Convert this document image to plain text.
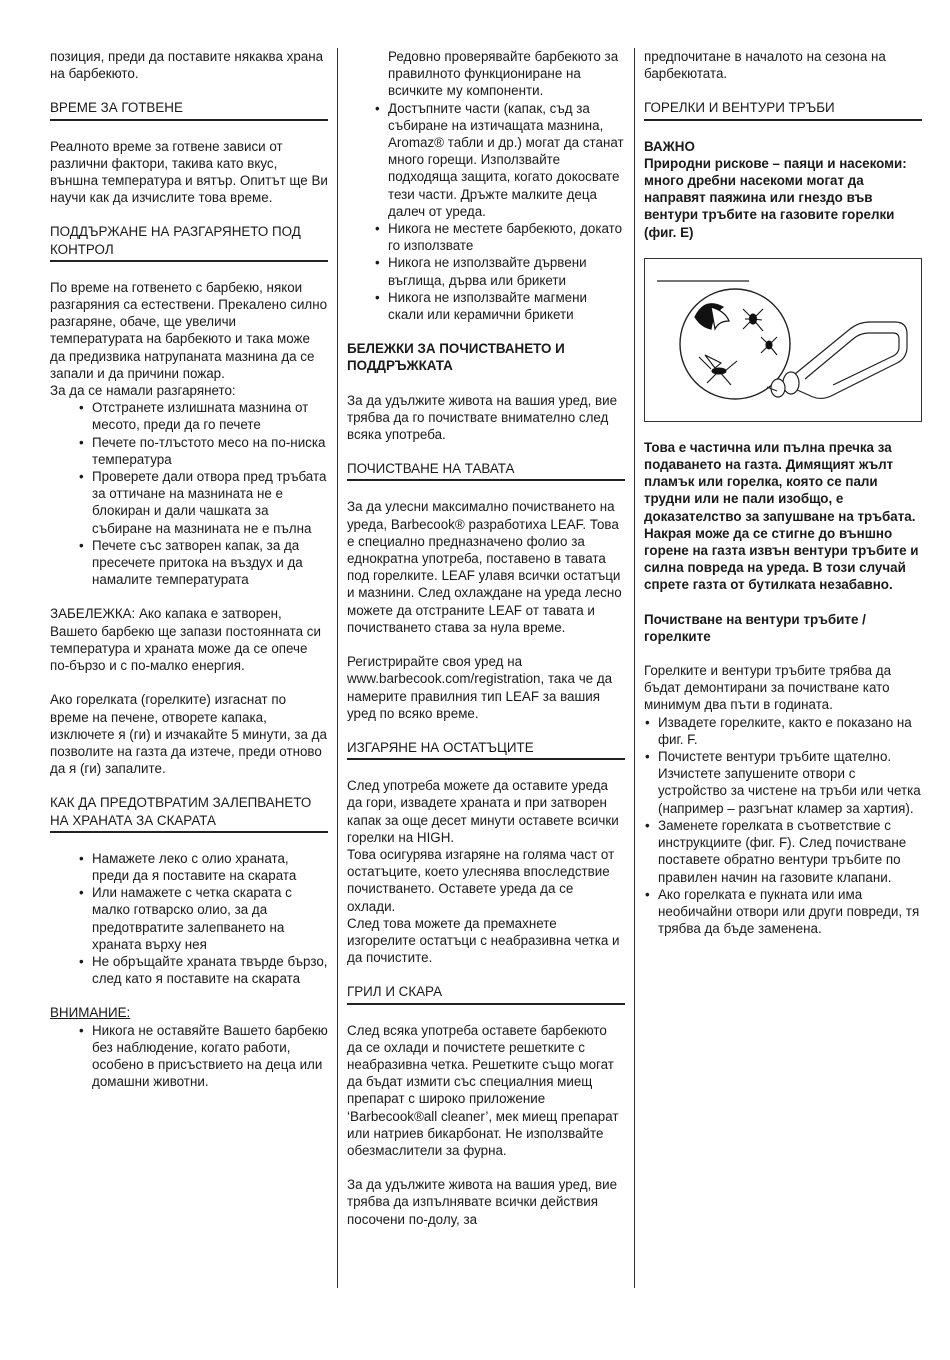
позиция, преди да поставите някаква храна на барбекюто.

ВРЕМЕ ЗА ГОТВЕНЕ

Реалното време за готвене зависи от различни фактори, такива като вкус, външна температура и вятър. Опитът ще Ви научи как да изчислите това време.

ПОДДЪРЖАНЕ НА РАЗГАРЯНЕТО ПОД КОНТРОЛ

По време на готвенето с барбекю, някои разгаряния са естествени. Прекалено силно разгаряне, обаче, ще увеличи температурата на барбекюто и така може да предизвика натрупаната мазнина да се запали и да причини пожар.

За да се намали разгарянето:

• Отстранете излишната мазнина от месото, преди да го печете
• Печете по-тлъстото месо на по-ниска температура
• Проверете дали отвора пред тръбата за оттичане на мазнината не е блокиран и дали чашката за събиране на мазнината не е пълна
• Печете със затворен капак, за да пресечете притока на въздух и да намалите температурата

ЗАБЕЛЕЖКА: Ако капака е затворен, Вашето барбекю ще запази постоянната си температура и храната може да се опече по-бързо и с по-малко енергия.

Ако горелката (горелките) изгаснат по време на печене, отворете капака, изключете я (ги) и изчакайте 5 минути, за да позволите на газта да изтече, преди отново да я (ги) запалите.

КАК ДА ПРЕДОТВРАТИМ ЗАЛЕПВАНЕТО НА ХРАНАТА ЗА СКАРАТА
• Намажете леко с олио храната, преди да я поставите на скарата
• Или намажете с четка скарата с малко готварско олио, за да предотвратите залепването на храната върху нея
• Не обръщайте храната твърде бързо, след като я поставите на скарата
ВНИМАНИЕ:
• Никога не оставяйте Вашето барбекю без наблюдение, когато работи, особено в присъствието на деца или домашни животни.

Редовно проверявайте барбекюто за правилното функциониране на всичките му компоненти.

• Достъпните части (капак, съд за събиране на изтичащата мазнина, Aromaz® табли и др.) могат да станат много горещи. Използвайте подходяща защита, когато докосвате тези части. Дръжте малките деца далеч от уреда.
• Никога не местете барбекюто, докато го използвате
• Никога не използвайте дървени въглища, дърва или брикети
• Никога не използвайте магмени скали или керамични брикети
БЕЛЕЖКИ ЗА ПОЧИСТВАНЕТО И ПОДДРЪЖКАТА

За да удължите живота на вашия уред, вие трябва да го почиствате внимателно след всяка употреба.

ПОЧИСТВАНЕ НА ТАВАТА

За да улесни максимално почистването на уреда, Barbecook® разработиха LEAF. Това е специално предназначено фолио за еднократна употреба, поставено в тавата под горелките. LEAF улавя всички остатъци и мазнини. След охлаждане на уреда лесно можете да отстраните LEAF от тавата и почистването става за нула време.

Регистрирайте своя уред на www.barbecook.com/registration, така че да намерите правилния тип LEAF за вашия уред по всяко време.

ИЗГАРЯНЕ НА ОСТАТЪЦИТЕ

След употреба можете да оставите уреда да гори, извадете храната и при затворен капак за още десет минути оставете всички горелки на HIGH.

Това осигурява изгаряне на голяма част от остатъците, което улеснява впоследствие почистването. Оставете уреда да се охлади.

След това можете да премахнете изгорелите остатъци с неабразивна четка и да почистите.

ГРИЛ И СКАРА

След всяка употреба оставете барбекюто да се охлади и почистете решетките с неабразивна четка. Решетките също могат да бъдат измити със специалния миещ препарат с широко приложение ‘Barbecook®all cleaner’, мек миещ препарат или натриев бикарбонат. Не използвайте обезмаслители за фурна.

За да удължите живота на вашия уред, вие трябва да изпълнявате всички действия посочени по-долу, за

предпочитане в началото на сезона на барбекютата.

ГОРЕЛКИ И ВЕНТУРИ ТРЪБИ
ВАЖНО

Природни рискове – паяци и насекоми: много дребни насекоми могат да направят паяжина или гнездо във вентури тръбите на газовите горелки (фиг. E)

Това е частична или пълна пречка за подаването на газта. Димящият жълт пламък или горелка, която се пали трудни или не пали изобщо, е доказателство за запушване на тръбата. Накрая може да се стигне до външно горене на газта извън вентури тръбите и силна повреда на уреда. В този случай спрете газта от бутилката незабавно.

Почистване на вентури тръбите / горелките

Горелките и вентури тръбите трябва да бъдат демонтирани за почистване като минимум два пъти в годината.

• Извадете горелките, както е показано на фиг. F.
• Почистете вентури тръбите щателно. Изчистете запушените отвори с устройство за чистене на тръби или четка (например – разгънат кламер за хартия).
• Заменете горелката в съответствие с инструкциите (фиг. F). След почистване поставете обратно вентури тръбите по правилен начин на газовите клапани.
• Ако горелката е пукната или има необичайни отвори или други повреди, тя трябва да бъде заменена.
